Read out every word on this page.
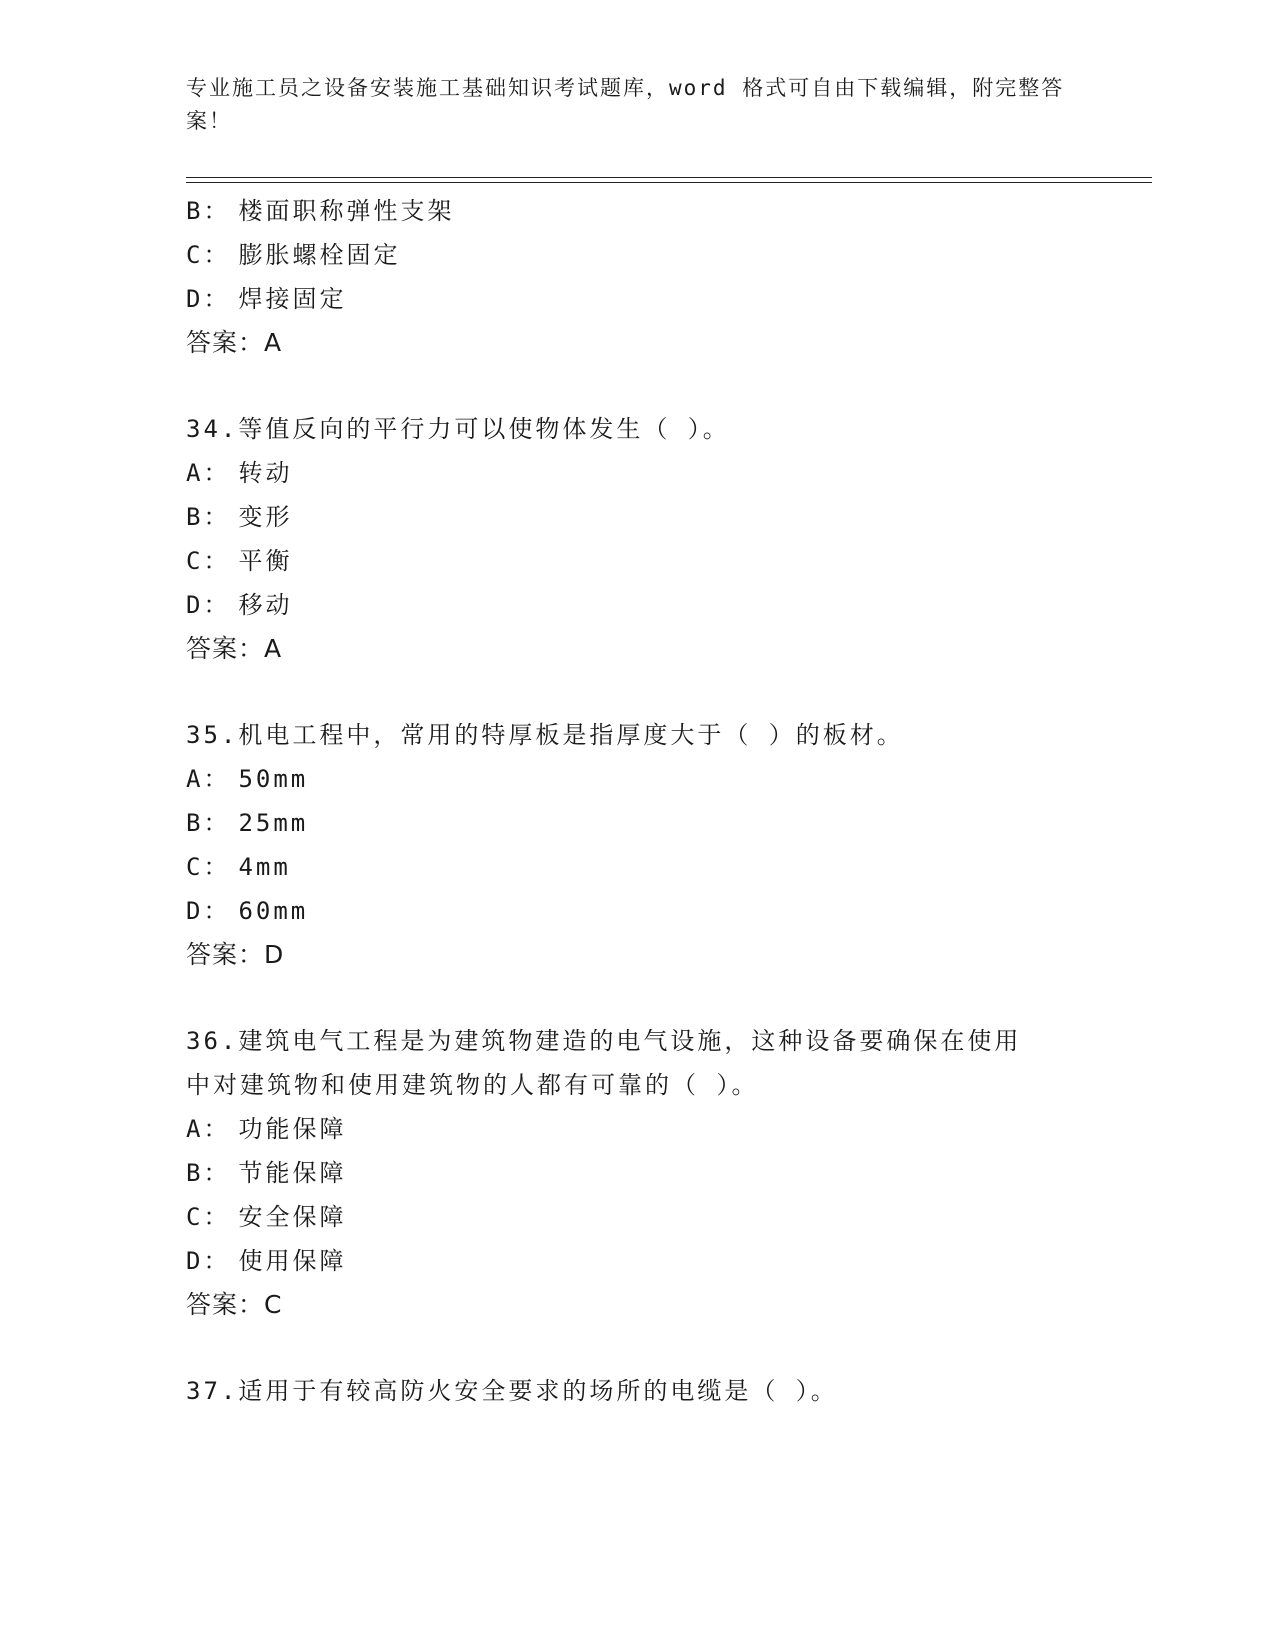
专业施工员之设备安装施工基础知识考试题库，word 格式可自由下载编辑，附完整答案！
B： 楼面职称弹性支架
C： 膨胀螺栓固定
D： 焊接固定
答案：A
34.等值反向的平行力可以使物体发生（ ）。
A： 转动
B： 变形
C： 平衡
D： 移动
答案：A
35.机电工程中，常用的特厚板是指厚度大于（ ）的板材。
A： 50mm
B： 25mm
C： 4mm
D： 60mm
答案：D
36.建筑电气工程是为建筑物建造的电气设施，这种设备要确保在使用
中对建筑物和使用建筑物的人都有可靠的（ ）。
A： 功能保障
B： 节能保障
C： 安全保障
D： 使用保障
答案：C
37.适用于有较高防火安全要求的场所的电缆是（ ）。
